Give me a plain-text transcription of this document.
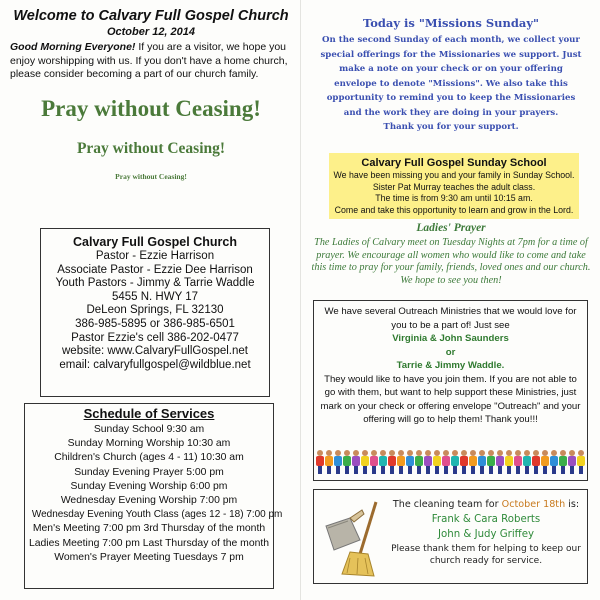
Welcome to Calvary Full Gospel Church
October 12, 2014
Good Morning Everyone! If you are a visitor, we hope you enjoy worshipping with us. If you don't have a home church, please consider becoming a part of our church family.
Pray without Ceasing!
Pray without Ceasing!
Pray without Ceasing!
Calvary Full Gospel Church
Pastor - Ezzie Harrison
Associate Pastor - Ezzie Dee Harrison
Youth Pastors - Jimmy & Tarrie Waddle
5455 N. HWY 17
DeLeon Springs, FL 32130
386-985-5895 or 386-985-6501
Pastor Ezzie's cell 386-202-0477
website: www.CalvaryFullGospel.net
email: calvaryfullgospel@wildblue.net
Schedule of Services
Sunday School 9:30 am
Sunday Morning Worship 10:30 am
Children's Church (ages 4 - 11) 10:30 am
Sunday Evening Prayer 5:00 pm
Sunday Evening Worship 6:00 pm
Wednesday Evening Worship 7:00 pm
Wednesday Evening Youth Class (ages 12 - 18) 7:00 pm
Men's Meeting 7:00 pm 3rd Thursday of the month
Ladies Meeting 7:00 pm Last Thursday of the month
Women's Prayer Meeting Tuesdays 7 pm
Today is "Missions Sunday"
On the second Sunday of each month, we collect your
special offerings for the Missionaries we support. Just
make a note on your check or on your offering
envelope to denote "Missions". We also take this
opportunity to remind you to keep the Missionaries
and the work they are doing in your prayers.
Thank you for your support.
Calvary Full Gospel Sunday School
We have been missing you and your family in Sunday School.
Sister Pat Murray teaches the adult class.
The time is from 9:30 am until 10:15 am.
Come and take this opportunity to learn and grow in the Lord.
Ladies' Prayer
The Ladies of Calvary meet on Tuesday Nights at 7pm for a time of prayer. We encourage all women who would like to come and take this time to pray for your family, friends, loved ones and our church. We hope to see you then!
We have several Outreach Ministries that we would love for you to be a part of! Just see
Virginia & John Saunders
or
Tarrie & Jimmy Waddle.
They would like to have you join them. If you are not able to go with them, but want to help support these Ministries, just mark on your check or offering envelope "Outreach" and your offering will go to help them! Thank you!!!
The cleaning team for October 18th is:
Frank & Cara Roberts
John & Judy Griffey
Please thank them for helping to keep our church ready for service.
